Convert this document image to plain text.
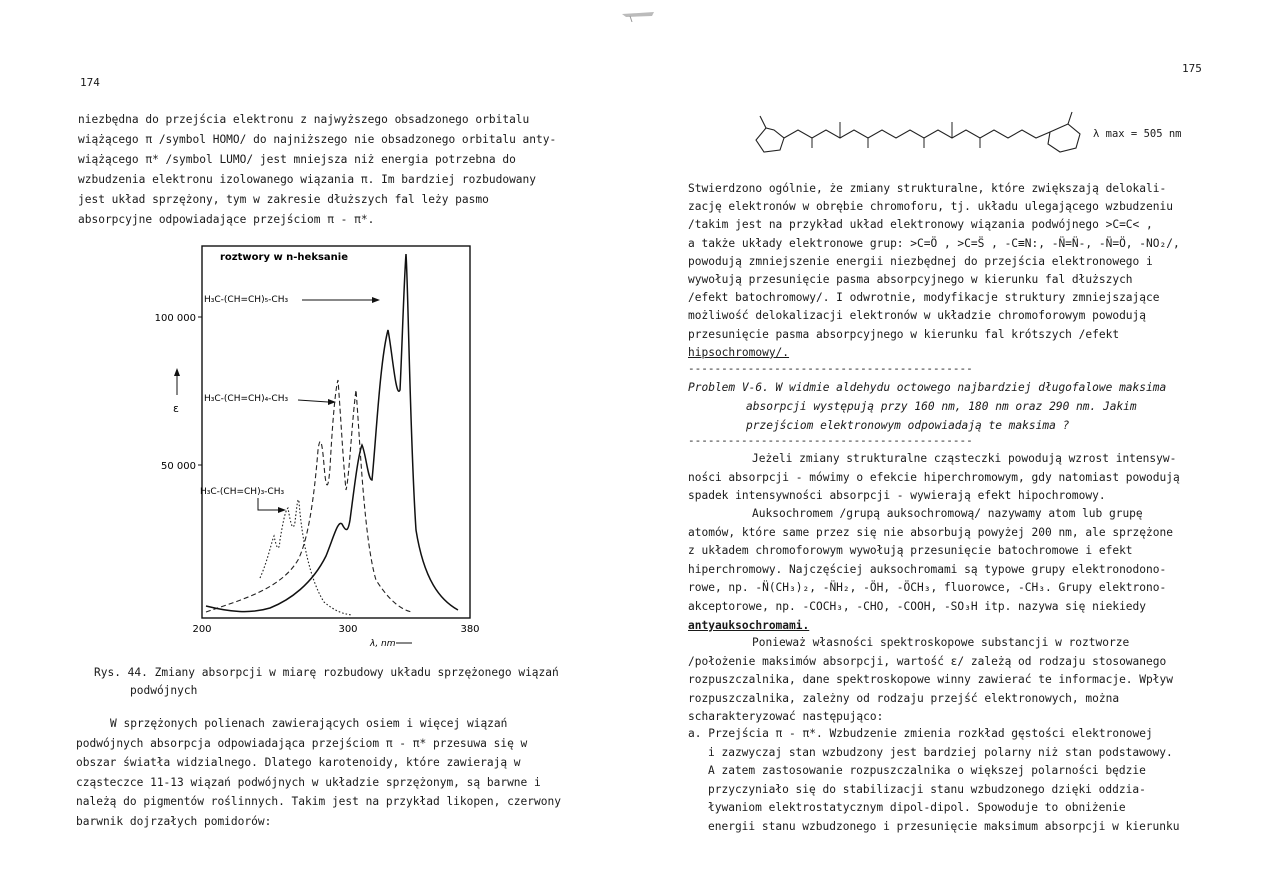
174
niezbędna do przejścia elektronu z najwyższego obsadzonego orbitalu
wiążącego π /symbol HOMO/ do najniższego nie obsadzonego orbitalu anty-
wiążącego π* /symbol LUMO/ jest mniejsza niż energia potrzebna do
wzbudzenia elektronu izolowanego wiązania π. Im bardziej rozbudowany
jest układ sprzężony, tym w zakresie dłuższych fal leży pasmo
absorpcyjne odpowiadające przejściom π - π*.
roztwory w n-heksanie
100 000
50 000
ε
200	300	380
λ, nm
H₃C-(CH=CH)₅-CH₃
H₃C-(CH=CH)₄-CH₃
H₃C-(CH=CH)₃-CH₃
Rys. 44. Zmiany absorpcji w miarę rozbudowy układu sprzężonego wiązań
podwójnych
W sprzężonych polienach zawierających osiem i więcej wiązań
podwójnych absorpcja odpowiadająca przejściom π - π* przesuwa się w
obszar światła widzialnego. Dlatego karotenoidy, które zawierają w
cząsteczce 11-13 wiązań podwójnych w układzie sprzężonym, są barwne i
należą do pigmentów roślinnych. Takim jest na przykład likopen, czerwony
barwnik dojrzałych pomidorów:
175
λ max = 505 nm
Stwierdzono ogólnie, że zmiany strukturalne, które zwiększają delokali-
zację elektronów w obrębie chromoforu, tj. układu ulegającego wzbudzeniu
/takim jest na przykład układ elektronowy wiązania podwójnego >C=C< ,
a także układy elektronowe grup: >C=Ö , >C=S̈ , -C≡N:, -N̈=N̈-, -N̈=Ö, -NO₂/,
powodują zmniejszenie energii niezbędnej do przejścia elektronowego i
wywołują przesunięcie pasma absorpcyjnego w kierunku fal dłuższych
/efekt batochromowy/. I odwrotnie, modyfikacje struktury zmniejszające
możliwość delokalizacji elektronów w układzie chromoforowym powodują
przesunięcie pasma absorpcyjnego w kierunku fal krótszych /efekt
hipsochromowy/.
-------------------------------------------
Problem V-6. W widmie aldehydu octowego najbardziej długofalowe maksima
absorpcji występują przy 160 nm, 180 nm oraz 290 nm. Jakim
przejściom elektronowym odpowiadają te maksima ?
-------------------------------------------
Jeżeli zmiany strukturalne cząsteczki powodują wzrost intensyw-
ności absorpcji - mówimy o efekcie hiperchromowym, gdy natomiast powodują
spadek intensywności absorpcji - wywierają efekt hipochromowy.
Auksochromem /grupą auksochromową/ nazywamy atom lub grupę
atomów, które same przez się nie absorbują powyżej 200 nm, ale sprzężone
z układem chromoforowym wywołują przesunięcie batochromowe i efekt
hiperchromowy. Najczęściej auksochromami są typowe grupy elektronodono-
rowe, np. -N̈(CH₃)₂, -N̈H₂, -ÖH, -ÖCH₃, fluorowce, -CH₃. Grupy elektrono-
akceptorowe, np. -COCH₃, -CHO, -COOH, -SO₃H itp. nazywa się niekiedy
antyauksochromami.
Ponieważ własności spektroskopowe substancji w roztworze
/położenie maksimów absorpcji, wartość ε/ zależą od rodzaju stosowanego
rozpuszczalnika, dane spektroskopowe winny zawierać te informacje. Wpływ
rozpuszczalnika, zależny od rodzaju przejść elektronowych, można
scharakteryzować następująco:
a. Przejścia π - π*. Wzbudzenie zmienia rozkład gęstości elektronowej
i zazwyczaj stan wzbudzony jest bardziej polarny niż stan podstawowy.
A zatem zastosowanie rozpuszczalnika o większej polarności będzie
przyczyniało się do stabilizacji stanu wzbudzonego dzięki oddzia-
ływaniom elektrostatycznym dipol-dipol. Spowoduje to obniżenie
energii stanu wzbudzonego i przesunięcie maksimum absorpcji w kierunku
